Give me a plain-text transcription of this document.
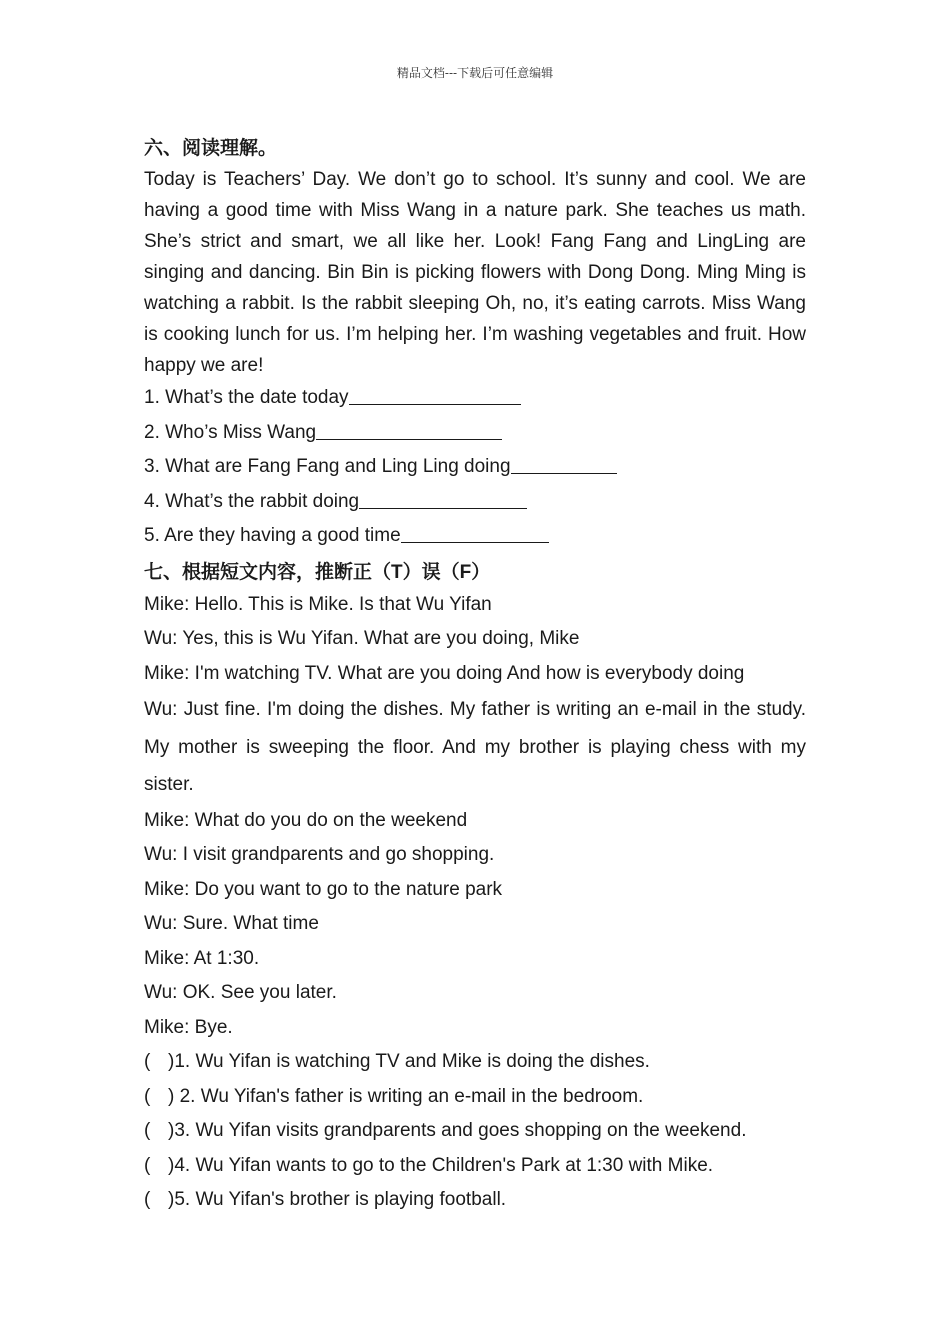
精品文档---下载后可任意编辑
六、阅读理解。

Today is Teachers’ Day. We don’t go to school. It’s sunny and cool. We are having a good time with Miss Wang in a nature park. She teaches us math. She’s strict and smart, we all like her. Look! Fang Fang and LingLing are singing and dancing. Bin Bin is picking flowers with Dong Dong. Ming Ming is watching a rabbit. Is the rabbit sleeping Oh, no, it’s eating carrots. Miss Wang is cooking lunch for us. I’m helping her. I’m washing vegetables and fruit. How happy we are!

1. What’s the date today
2. Who’s Miss Wang
3. What are Fang Fang and Ling Ling doing
4. What’s the rabbit doing
5. Are they having a good time
七、根据短文内容，推断正（T）误（F）
Mike: Hello. This is Mike. Is that Wu Yifan
Wu: Yes, this is Wu Yifan. What are you doing, Mike
Mike: I'm watching TV. What are you doing And how is everybody doing
Wu: Just fine. I'm doing the dishes. My father is writing an e-mail in the study. My mother is sweeping the floor. And my brother is playing chess with my sister.
Mike: What do you do on the weekend
Wu: I visit grandparents and go shopping.
Mike: Do you want to go to the nature park
Wu: Sure. What time
Mike: At 1:30.
Wu: OK. See you later.
Mike: Bye.
( )1. Wu Yifan is watching TV and Mike is doing the dishes.
( ) 2. Wu Yifan's father is writing an e-mail in the bedroom.
( )3. Wu Yifan visits grandparents and goes shopping on the weekend.
( )4. Wu Yifan wants to go to the Children's Park at 1:30 with Mike.
( )5. Wu Yifan's brother is playing football.
